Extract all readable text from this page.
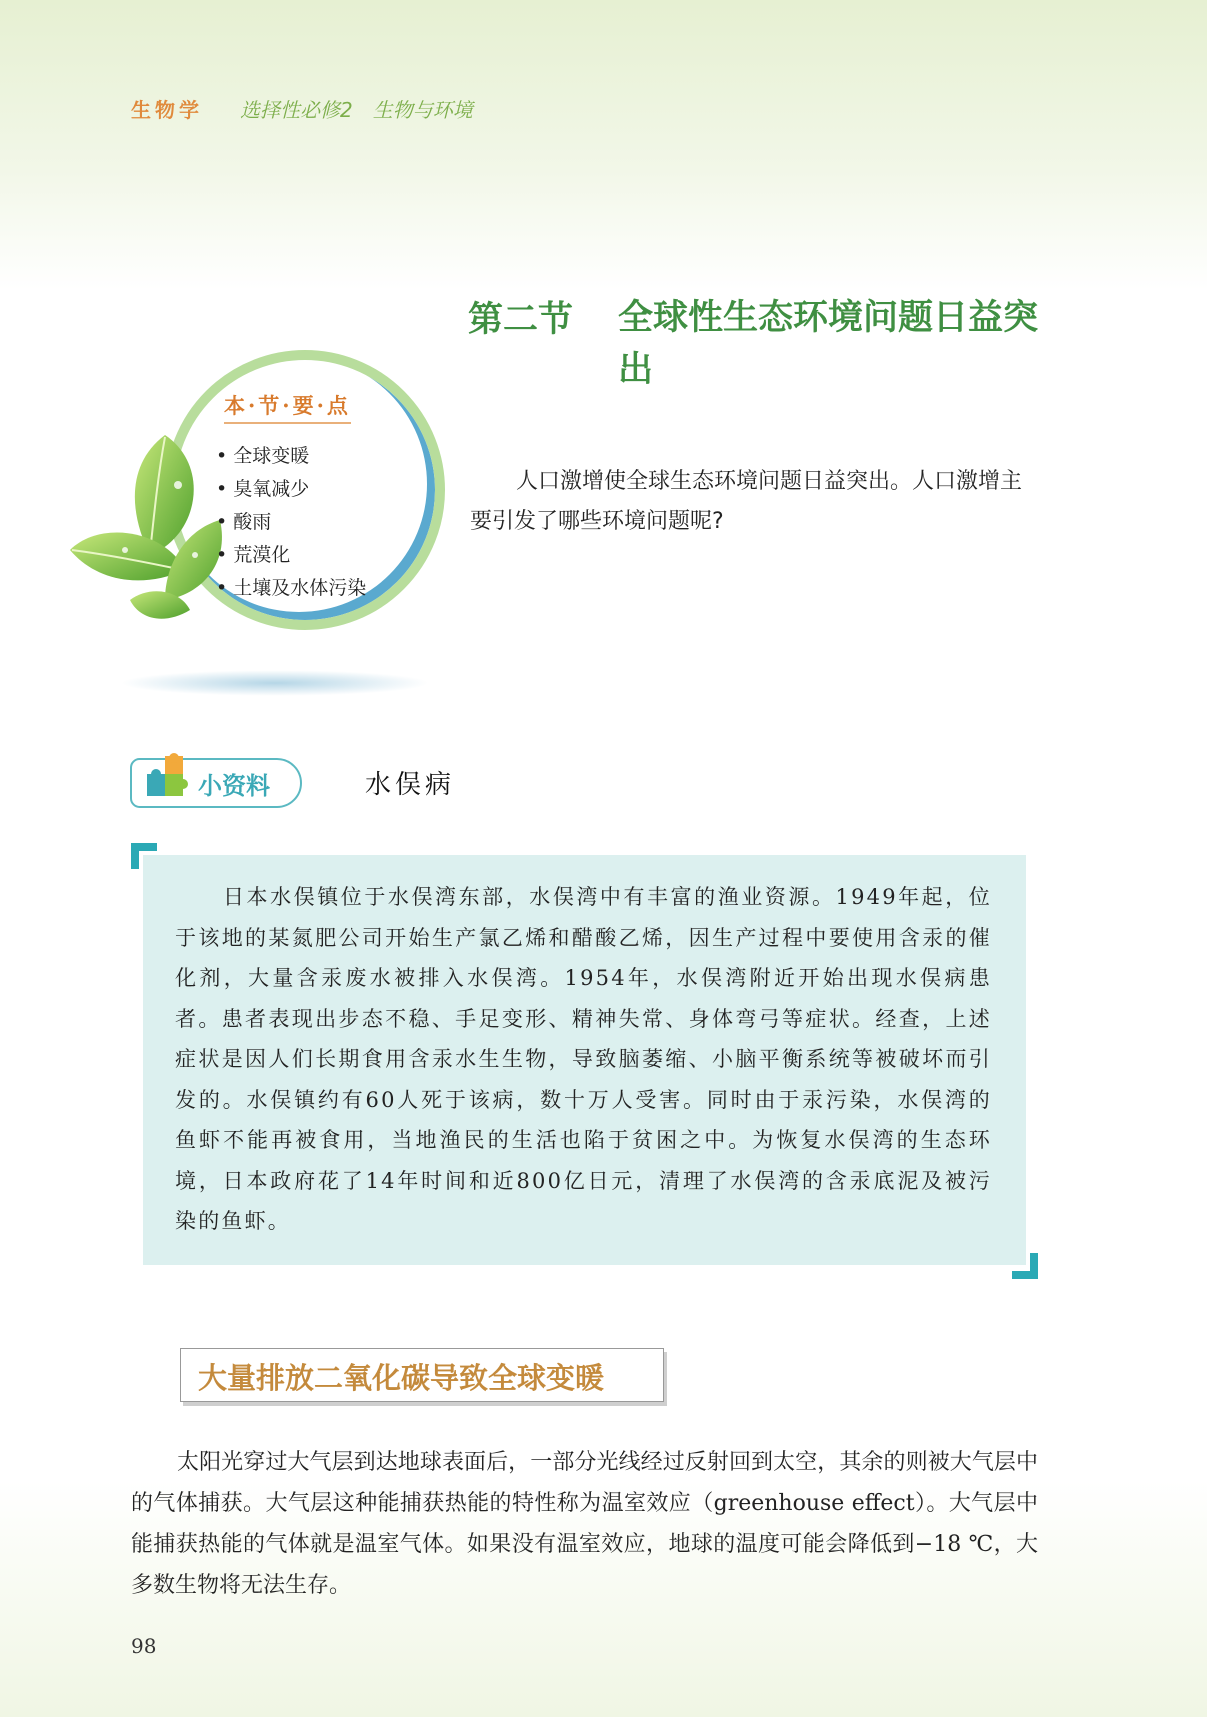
生物学 选择性必修2　生物与环境
第二节 全球性生态环境问题日益突出
本·节·要·点
• 全球变暖
• 臭氧减少
• 酸雨
• 荒漠化
• 土壤及水体污染
人口激增使全球生态环境问题日益突出。人口激增主要引发了哪些环境问题呢?
小资料	水俣病

日本水俣镇位于水俣湾东部，水俣湾中有丰富的渔业资源。1949年起，位于该地的某氮肥公司开始生产氯乙烯和醋酸乙烯，因生产过程中要使用含汞的催化剂，大量含汞废水被排入水俣湾。1954年，水俣湾附近开始出现水俣病患者。患者表现出步态不稳、手足变形、精神失常、身体弯弓等症状。经查，上述症状是因人们长期食用含汞水生生物，导致脑萎缩、小脑平衡系统等被破坏而引发的。水俣镇约有60人死于该病，数十万人受害。同时由于汞污染，水俣湾的鱼虾不能再被食用，当地渔民的生活也陷于贫困之中。为恢复水俣湾的生态环境，日本政府花了14年时间和近800亿日元，清理了水俣湾的含汞底泥及被污染的鱼虾。

大量排放二氧化碳导致全球变暖

太阳光穿过大气层到达地球表面后，一部分光线经过反射回到太空，其余的则被大气层中的气体捕获。大气层这种能捕获热能的特性称为温室效应（greenhouse effect）。大气层中能捕获热能的气体就是温室气体。如果没有温室效应，地球的温度可能会降低到−18 ℃，大多数生物将无法生存。

98
